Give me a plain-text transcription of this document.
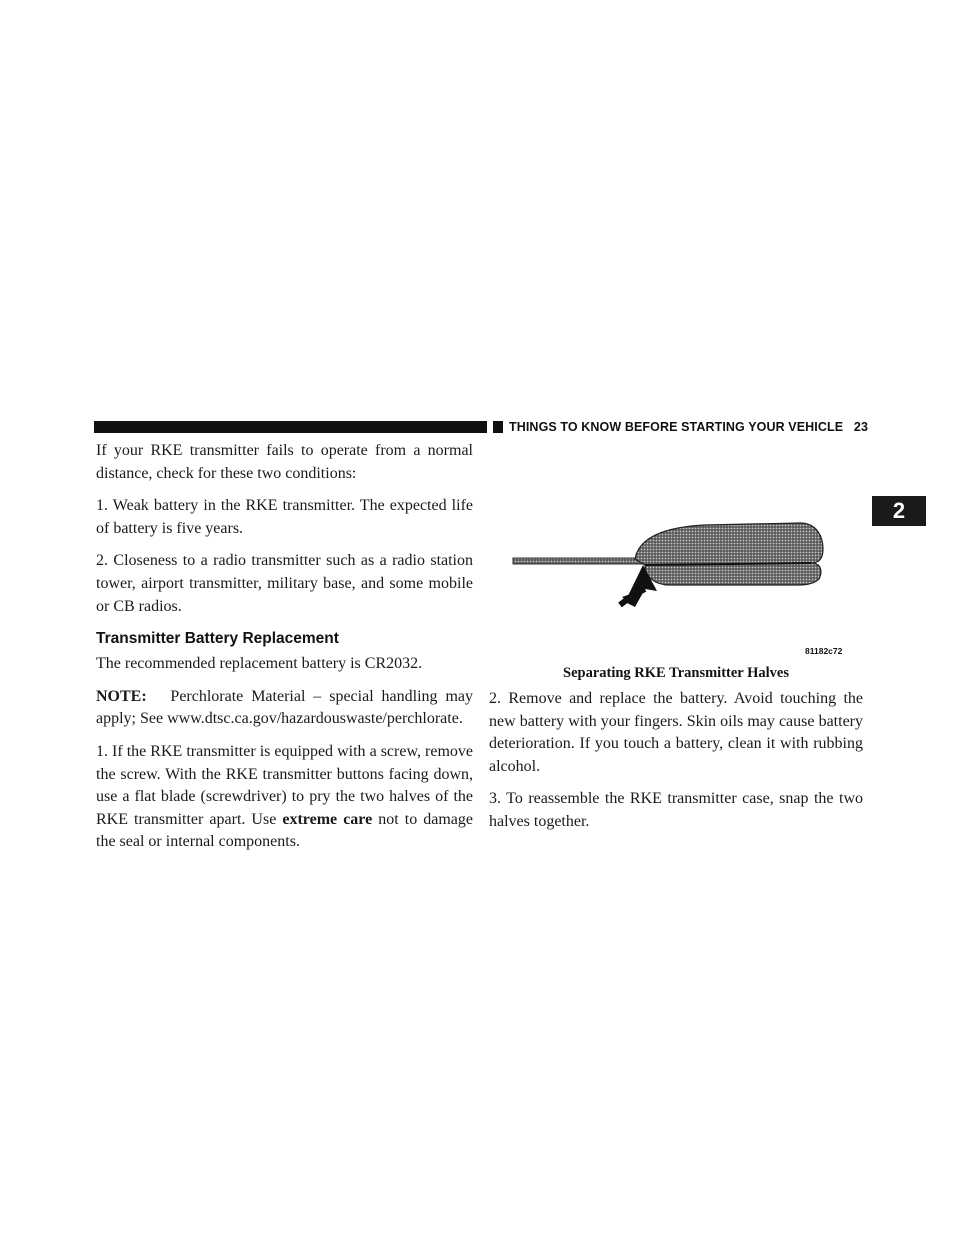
THINGS TO KNOW BEFORE STARTING YOUR VEHICLE 23
2

If your RKE transmitter fails to operate from a normal distance, check for these two conditions:

1. Weak battery in the RKE transmitter. The expected life of battery is five years.

2. Closeness to a radio transmitter such as a radio station tower, airport transmitter, military base, and some mobile or CB radios.

Transmitter Battery Replacement

The recommended replacement battery is CR2032.

NOTE: Perchlorate Material – special handling may apply; See www.dtsc.ca.gov/hazardouswaste/perchlorate.

1. If the RKE transmitter is equipped with a screw, remove the screw. With the RKE transmitter buttons facing down, use a flat blade (screwdriver) to pry the two halves of the RKE transmitter apart. Use extreme care not to damage the seal or internal components.

81182c72
Separating RKE Transmitter Halves

2. Remove and replace the battery. Avoid touching the new battery with your fingers. Skin oils may cause battery deterioration. If you touch a battery, clean it with rubbing alcohol.

3. To reassemble the RKE transmitter case, snap the two halves together.
